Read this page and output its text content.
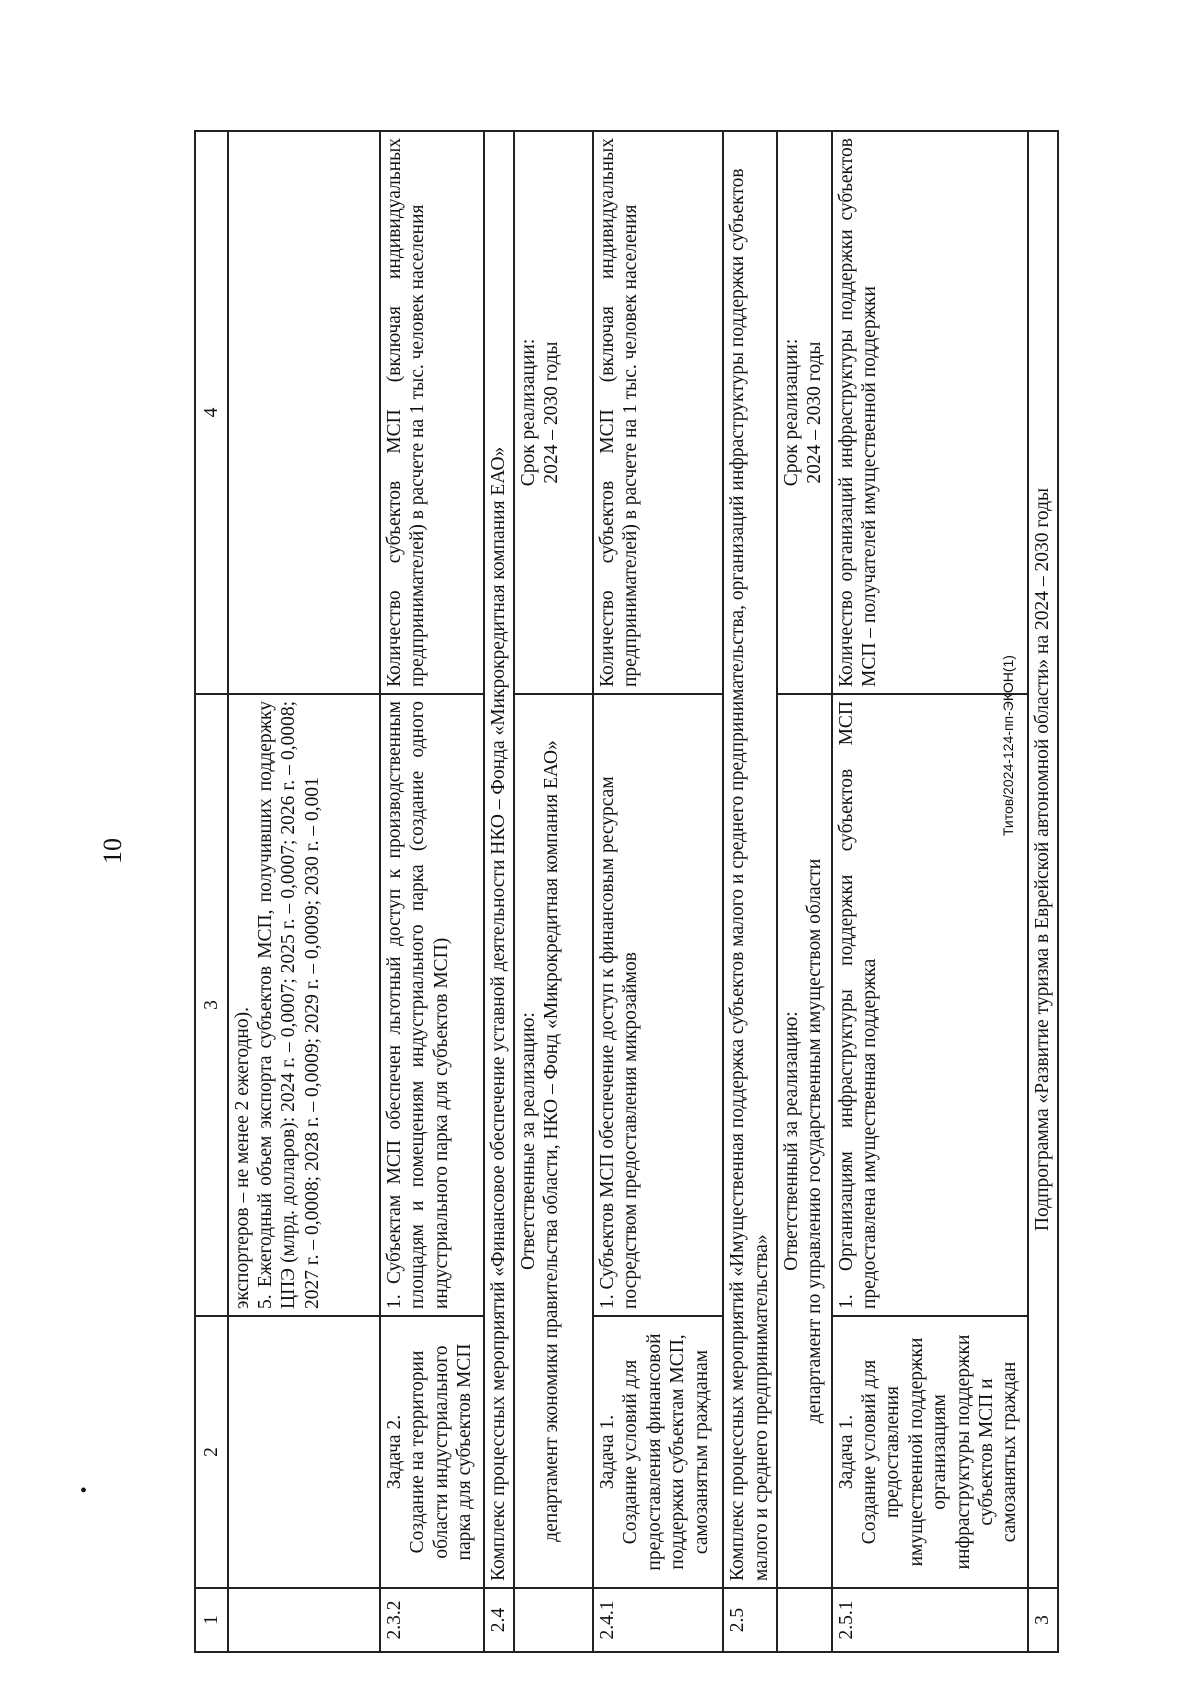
•
10
Титов/2024-124-пп-ЭКОН(1)
1	2	3	4

		экспортеров – не менее 2 ежегодно). 5. Ежегодный объем экспорта субъектов МСП, получивших поддержку ЦПЭ (млрд. долларов): 2024 г. – 0,0007; 2025 г. – 0,0007; 2026 г. – 0,0008; 2027 г. – 0,0008; 2028 г. – 0,0009; 2029 г. – 0,0009; 2030 г. – 0,001	

2.3.2	Задача 2. Создание на территории области индустриального парка для субъектов МСП	1. Субъектам МСП обеспечен льготный доступ к производственным площадям и помещениям индустриального парка (создание одного индустриального парка для субъектов МСП)	Количество субъектов МСП (включая индивидуальных предпринимателей) в расчете на 1 тыс. человек населения
2.4	Комплекс процессных мероприятий «Финансовое обеспечение уставной деятельности НКО – Фонда «Микрокредитная компания ЕАО»		

	Ответственные за реализацию: департамент экономики правительства области, НКО – Фонд «Микрокредитная компания ЕАО»		Срок реализации: 2024 – 2030 годы

2.4.1	Задача 1. Создание условий для предоставления финансовой поддержки субъектам МСП, самозанятым гражданам	1. Субъектов МСП обеспечение доступ к финансовым ресурсам посредством предоставления микрозаймов	Количество субъектов МСП (включая индивидуальных предпринимателей) в расчете на 1 тыс. человек населения
2.5	Комплекс процессных мероприятий «Имущественная поддержка субъектов малого и среднего предпринимательства, организаций инфраструктуры поддержки субъектов малого и среднего предпринимательства»		

	Ответственный за реализацию: департамент по управлению государственным имуществом области		Срок реализации: 2024 – 2030 годы

2.5.1	Задача 1. Создание условий для предоставления имущественной поддержки организациям инфраструктуры поддержки субъектов МСП и самозанятых граждан	1. Организациям инфраструктуры поддержки субъектов МСП предоставлена имущественная поддержка	Количество организаций инфраструктуры поддержки субъектов МСП – получателей имущественной поддержки
3	Подпрограмма «Развитие туризма в Еврейской автономной области» на 2024 – 2030 годы		
